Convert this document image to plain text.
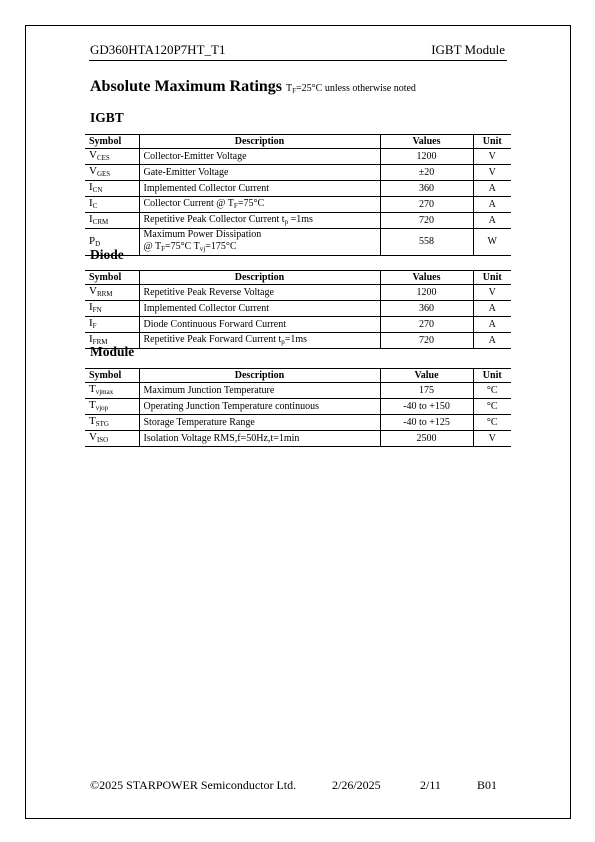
GD360HTA120P7HT_T1	IGBT Module
Absolute Maximum Ratings $T_F=25^\circ C$ unless otherwise noted
IGBT
Symbol	Description	Values	Unit
$V_{CES}$	Collector-Emitter Voltage	1200	V
$V_{GES}$	Gate-Emitter Voltage	±20	V
$I_{CN}$	Implemented Collector Current	360	A
$I_C$	Collector Current @ $T_F=75^\circ C$	270	A
$I_{CRM}$	Repetitive Peak Collector Current $t_p =1ms$	720	A
$P_D$	Maximum Power Dissipation
@ $T_F=75^\circ C$ $T_{vj}=175^\circ C$	558	W
Diode
Symbol	Description	Values	Unit
$V_{RRM}$	Repetitive Peak Reverse Voltage	1200	V
$I_{FN}$	Implemented Collector Current	360	A
$I_F$	Diode Continuous Forward Current	270	A
$I_{FRM}$	Repetitive Peak Forward Current $t_p=1ms$	720	A
Module
Symbol	Description	Value	Unit
$T_{vjmax}$	Maximum Junction Temperature	175	°C
$T_{vjop}$	Operating Junction Temperature continuous	-40 to +150	°C
$T_{STG}$	Storage Temperature Range	-40 to +125	°C
$V_{ISO}$	Isolation Voltage RMS,f=50Hz,t=1min	2500	V
©2025 STARPOWER Semiconductor Ltd.	2/26/2025	2/11	B01
